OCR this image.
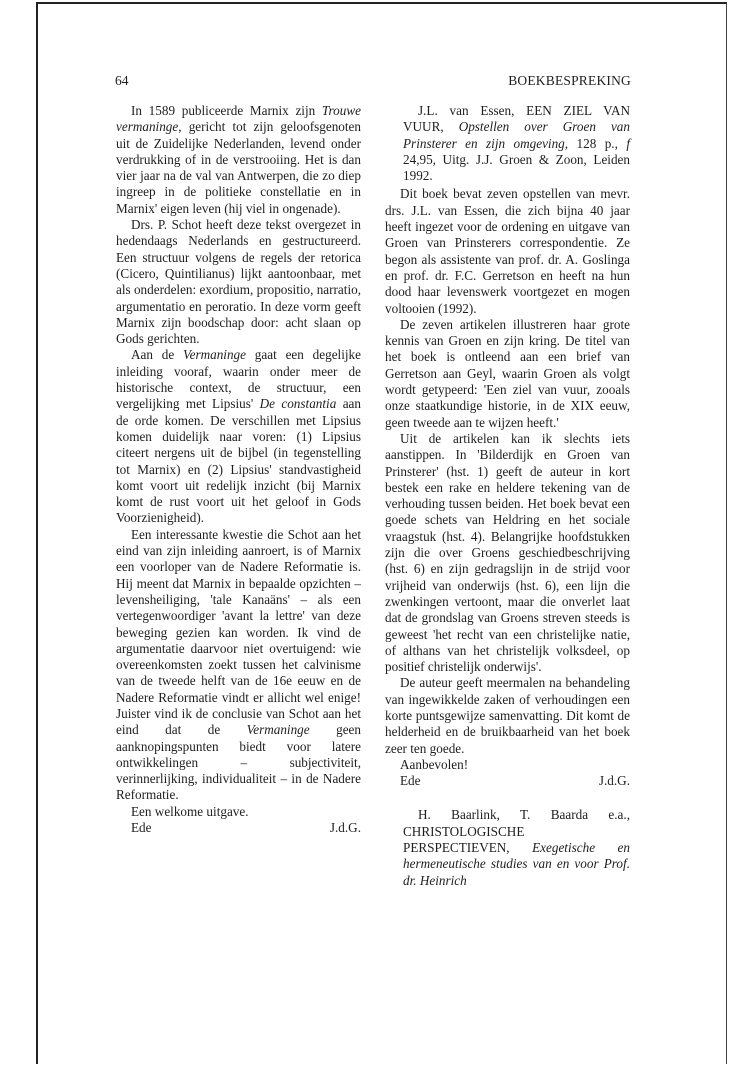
64	BOEKBESPREKING

In 1589 publiceerde Marnix zijn Trouwe vermaninge, gericht tot zijn geloofsgenoten uit de Zuidelijke Nederlanden, levend onder verdrukking of in de verstrooiing. Het is dan vier jaar na de val van Antwerpen, die zo diep ingreep in de politieke constellatie en in Marnix' eigen leven (hij viel in ongenade).

Drs. P. Schot heeft deze tekst overgezet in hedendaags Nederlands en gestructureerd. Een structuur volgens de regels der retorica (Cicero, Quintilianus) lijkt aantoonbaar, met als onderdelen: exordium, propositio, narratio, argumentatio en peroratio. In deze vorm geeft Marnix zijn boodschap door: acht slaan op Gods gerichten.

Aan de Vermaninge gaat een degelijke inleiding vooraf, waarin onder meer de historische context, de structuur, een vergelijking met Lipsius' De constantia aan de orde komen. De verschillen met Lipsius komen duidelijk naar voren: (1) Lipsius citeert nergens uit de bijbel (in tegenstelling tot Marnix) en (2) Lipsius' standvastigheid komt voort uit redelijk inzicht (bij Marnix komt de rust voort uit het geloof in Gods Voorzienigheid).

Een interessante kwestie die Schot aan het eind van zijn inleiding aanroert, is of Marnix een voorloper van de Nadere Reformatie is. Hij meent dat Marnix in bepaalde opzichten – levensheiliging, 'tale Kanaäns' – als een vertegenwoordiger 'avant la lettre' van deze beweging gezien kan worden. Ik vind de argumentatie daarvoor niet overtuigend: wie overeenkomsten zoekt tussen het calvinisme van de tweede helft van de 16e eeuw en de Nadere Reformatie vindt er allicht wel enige! Juister vind ik de conclusie van Schot aan het eind dat de Vermaninge geen aanknopingspunten biedt voor latere ontwikkelingen – subjectiviteit, verinnerlijking, individualiteit – in de Nadere Reformatie.

Een welkome uitgave.

Ede	J.d.G.

J.L. van Essen, EEN ZIEL VAN VUUR, Opstellen over Groen van Prinsterer en zijn omgeving, 128 p., f 24,95, Uitg. J.J. Groen & Zoon, Leiden 1992.

Dit boek bevat zeven opstellen van mevr. drs. J.L. van Essen, die zich bijna 40 jaar heeft ingezet voor de ordening en uitgave van Groen van Prinsterers correspondentie. Ze begon als assistente van prof. dr. A. Goslinga en prof. dr. F.C. Gerretson en heeft na hun dood haar levenswerk voortgezet en mogen voltooien (1992).

De zeven artikelen illustreren haar grote kennis van Groen en zijn kring. De titel van het boek is ontleend aan een brief van Gerretson aan Geyl, waarin Groen als volgt wordt getypeerd: 'Een ziel van vuur, zooals onze staatkundige historie, in de XIX eeuw, geen tweede aan te wijzen heeft.'

Uit de artikelen kan ik slechts iets aanstippen. In 'Bilderdijk en Groen van Prinsterer' (hst. 1) geeft de auteur in kort bestek een rake en heldere tekening van de verhouding tussen beiden. Het boek bevat een goede schets van Heldring en het sociale vraagstuk (hst. 4). Belangrijke hoofdstukken zijn die over Groens geschiedbeschrijving (hst. 6) en zijn gedragslijn in de strijd voor vrijheid van onderwijs (hst. 6), een lijn die zwenkingen vertoont, maar die onverlet laat dat de grondslag van Groens streven steeds is geweest 'het recht van een christelijke natie, of althans van het christelijk volksdeel, op positief christelijk onderwijs'.

De auteur geeft meermalen na behandeling van ingewikkelde zaken of verhoudingen een korte puntsgewijze samenvatting. Dit komt de helderheid en de bruikbaarheid van het boek zeer ten goede.

Aanbevolen!

Ede	J.d.G.

H. Baarlink, T. Baarda e.a., CHRISTOLOGISCHE PERSPECTIEVEN, Exegetische en hermeneutische studies van en voor Prof. dr. Heinrich
